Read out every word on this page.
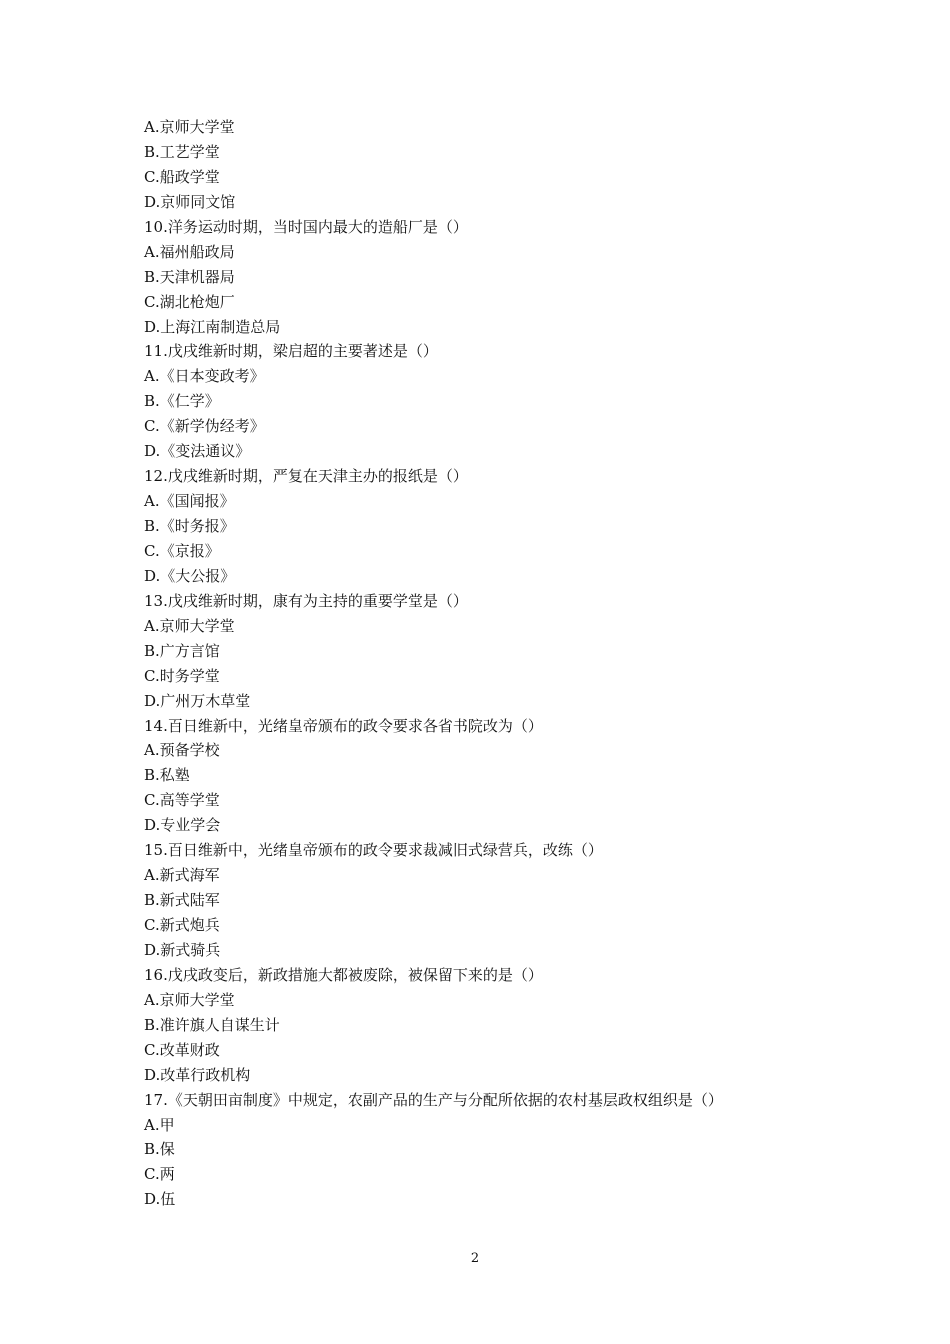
A.京师大学堂
B.工艺学堂
C.船政学堂
D.京师同文馆
10.洋务运动时期，当时国内最大的造船厂是（）
A.福州船政局
B.天津机器局
C.湖北枪炮厂
D.上海江南制造总局
11.戊戌维新时期，梁启超的主要著述是（）
A.《日本变政考》
B.《仁学》
C.《新学伪经考》
D.《变法通议》
12.戊戌维新时期，严复在天津主办的报纸是（）
A.《国闻报》
B.《时务报》
C.《京报》
D.《大公报》
13.戊戌维新时期，康有为主持的重要学堂是（）
A.京师大学堂
B.广方言馆
C.时务学堂
D.广州万木草堂
14.百日维新中，光绪皇帝颁布的政令要求各省书院改为（）
A.预备学校
B.私塾
C.高等学堂
D.专业学会
15.百日维新中，光绪皇帝颁布的政令要求裁减旧式绿营兵，改练（）
A.新式海军
B.新式陆军
C.新式炮兵
D.新式骑兵
16.戊戌政变后，新政措施大都被废除，被保留下来的是（）
A.京师大学堂
B.准许旗人自谋生计
C.改革财政
D.改革行政机构
17.《天朝田亩制度》中规定，农副产品的生产与分配所依据的农村基层政权组织是（）
A.甲
B.保
C.两
D.伍
2
